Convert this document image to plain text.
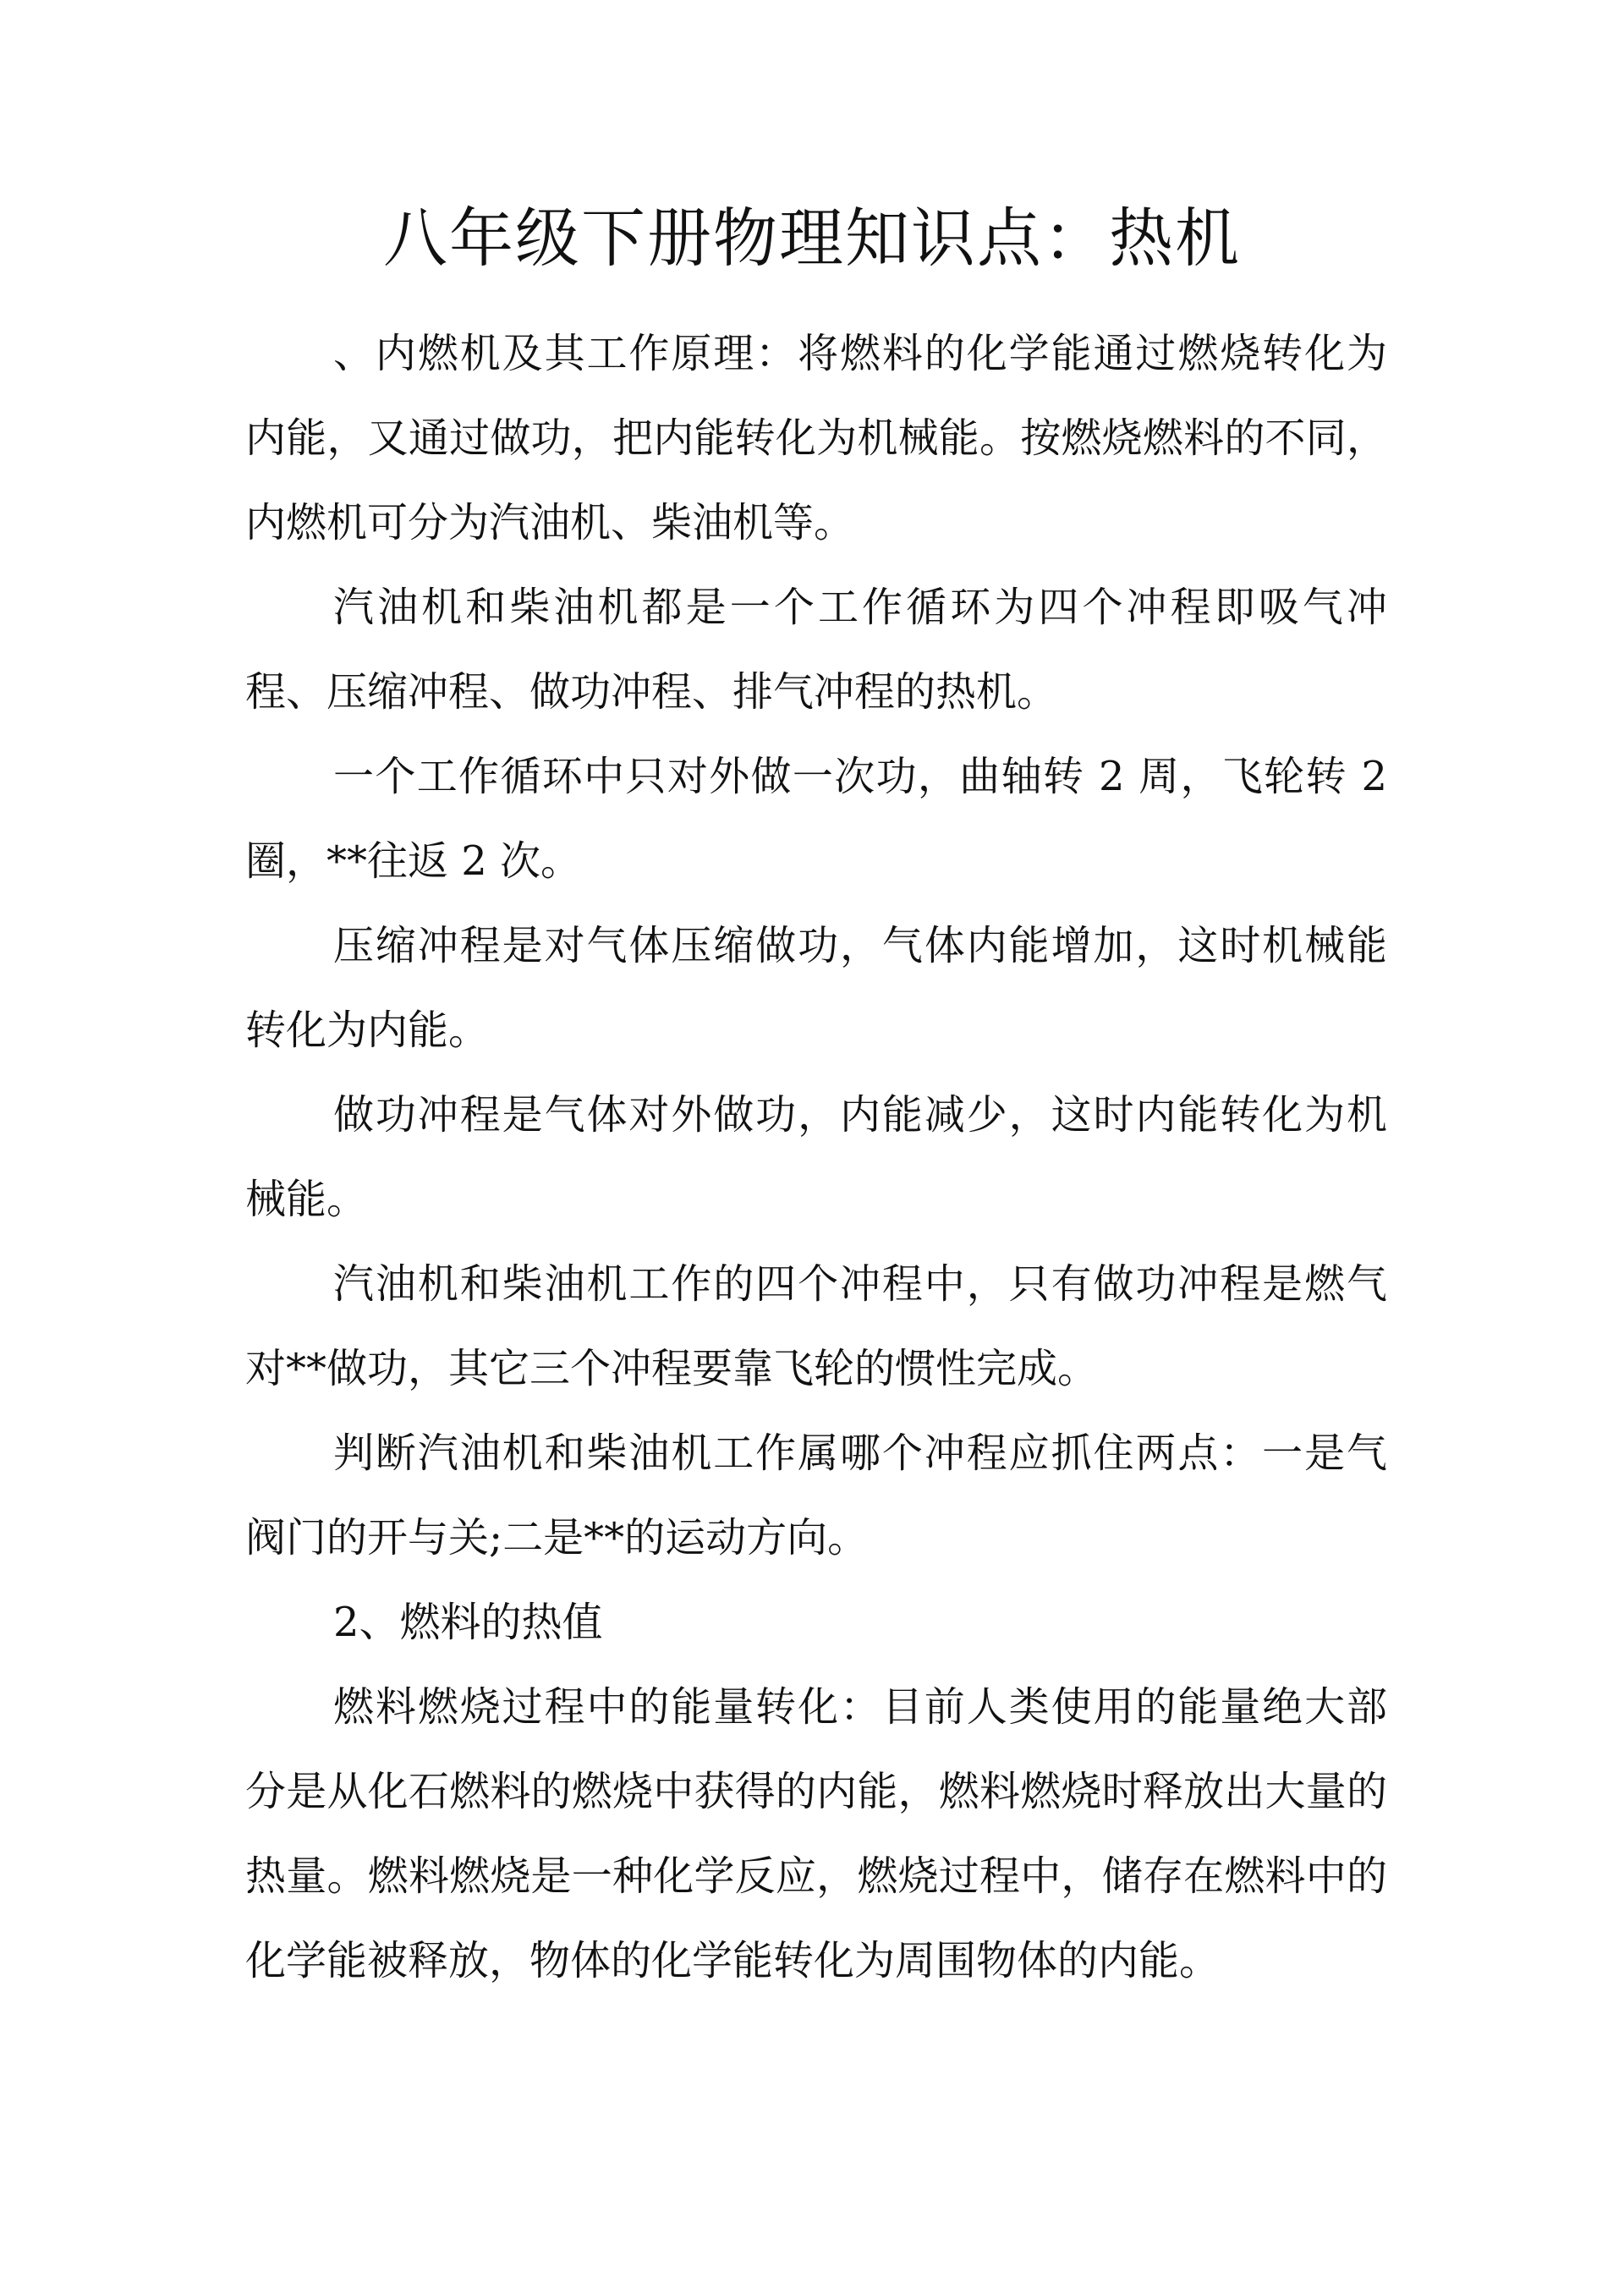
八年级下册物理知识点：热机

、内燃机及其工作原理：将燃料的化学能通过燃烧转化为内能，又通过做功，把内能转化为机械能。按燃烧燃料的不同，内燃机可分为汽油机、柴油机等。

汽油机和柴油机都是一个工作循环为四个冲程即吸气冲程、压缩冲程、做功冲程、排气冲程的热机。

一个工作循环中只对外做一次功，曲轴转 2 周，飞轮转 2 圈，**往返 2 次。

压缩冲程是对气体压缩做功，气体内能增加，这时机械能转化为内能。

做功冲程是气体对外做功，内能减少，这时内能转化为机械能。

汽油机和柴油机工作的四个冲程中，只有做功冲程是燃气对**做功，其它三个冲程要靠飞轮的惯性完成。

判断汽油机和柴油机工作属哪个冲程应抓住两点：一是气阀门的开与关;二是**的运动方向。

2、燃料的热值

燃料燃烧过程中的能量转化：目前人类使用的能量绝大部分是从化石燃料的燃烧中获得的内能，燃料燃烧时释放出大量的热量。燃料燃烧是一种化学反应，燃烧过程中，储存在燃料中的化学能被释放，物体的化学能转化为周围物体的内能。
